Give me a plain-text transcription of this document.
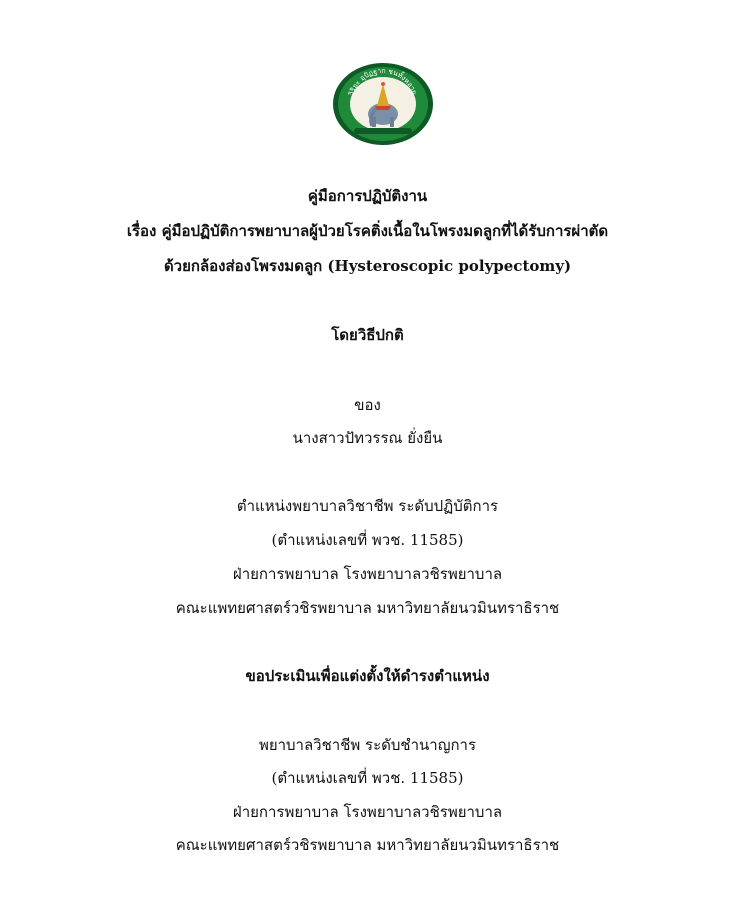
วิริยะ อุปัฏฐาก ชนทั้งหลาย
คู่มือการปฏิบัติงาน
เรื่อง คู่มือปฏิบัติการพยาบาลผู้ป่วยโรคติ่งเนื้อในโพรงมดลูกที่ได้รับการผ่าตัด
ด้วยกล้องส่องโพรงมดลูก (Hysteroscopic polypectomy)
โดยวิธีปกติ
ของ
นางสาวปัทวรรณ ยั่งยืน
ตำแหน่งพยาบาลวิชาชีพ ระดับปฏิบัติการ
(ตำแหน่งเลขที่ พวช. 11585)
ฝ่ายการพยาบาล โรงพยาบาลวชิรพยาบาล
คณะแพทยศาสตร์วชิรพยาบาล มหาวิทยาลัยนวมินทราธิราช
ขอประเมินเพื่อแต่งตั้งให้ดำรงตำแหน่ง
พยาบาลวิชาชีพ ระดับชำนาญการ
(ตำแหน่งเลขที่ พวช. 11585)
ฝ่ายการพยาบาล โรงพยาบาลวชิรพยาบาล
คณะแพทยศาสตร์วชิรพยาบาล มหาวิทยาลัยนวมินทราธิราช
